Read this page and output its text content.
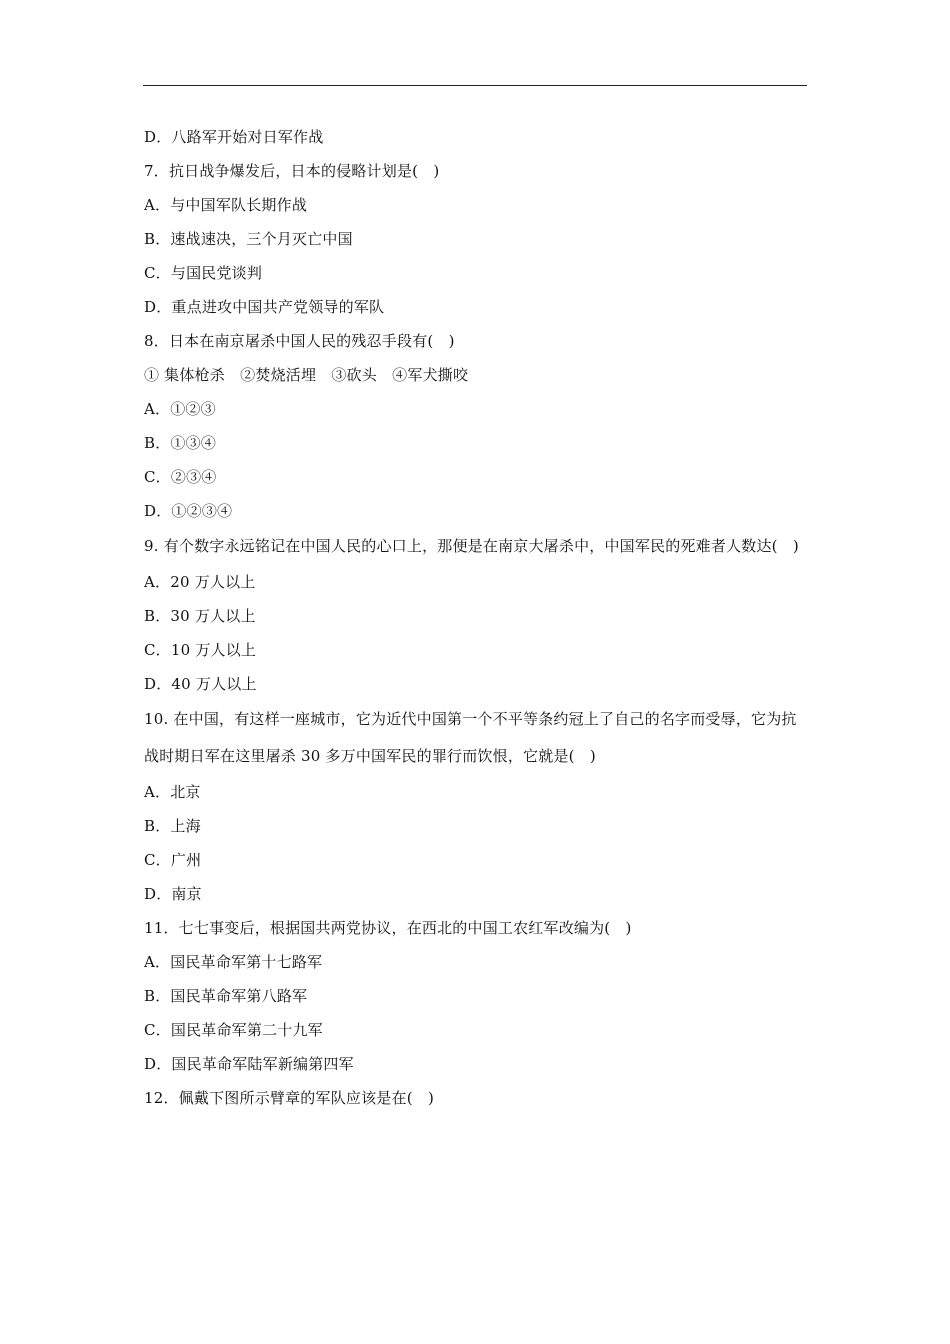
D．八路军开始对日军作战
7．抗日战争爆发后，日本的侵略计划是(　)
A．与中国军队长期作战
B．速战速决，三个月灭亡中国
C．与国民党谈判
D．重点进攻中国共产党领导的军队
8．日本在南京屠杀中国人民的残忍手段有(　)
① 集体枪杀　②焚烧活埋　③砍头　④军犬撕咬
A．①②③
B．①③④
C．②③④
D．①②③④
9. 有个数字永远铭记在中国人民的心口上，那便是在南京大屠杀中，中国军民的死难者人数达(　)
A．20 万人以上
B．30 万人以上
C．10 万人以上
D．40 万人以上
10. 在中国，有这样一座城市，它为近代中国第一个不平等条约冠上了自己的名字而受辱，它为抗战时期日军在这里屠杀 30 多万中国军民的罪行而饮恨，它就是(　)
A．北京
B．上海
C．广州
D．南京
11．七七事变后，根据国共两党协议，在西北的中国工农红军改编为(　)
A．国民革命军第十七路军
B．国民革命军第八路军
C．国民革命军第二十九军
D．国民革命军陆军新编第四军
12．佩戴下图所示臂章的军队应该是在(　)
